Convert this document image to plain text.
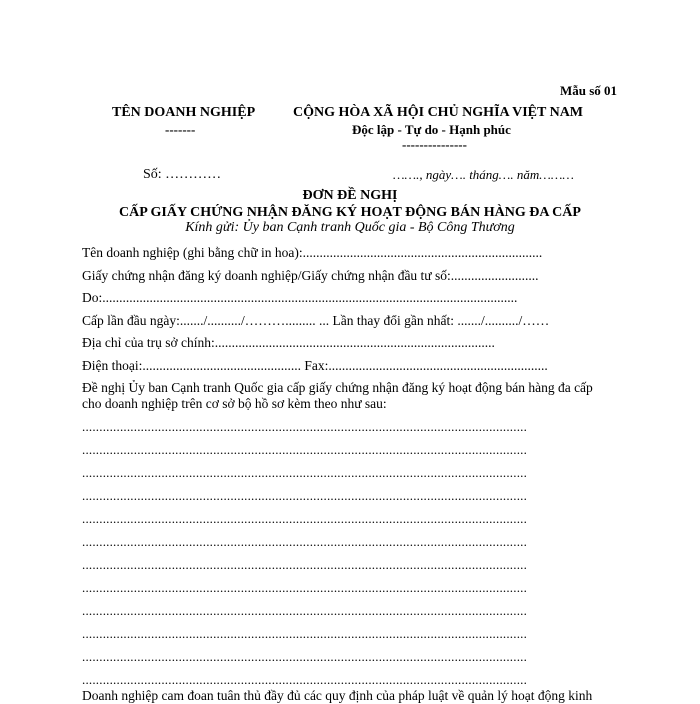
Mẫu số 01
TÊN DOANH NGHIỆP
-------
CỘNG HÒA XÃ HỘI CHỦ NGHĨA VIỆT NAM
Độc lập - Tự do - Hạnh phúc
---------------
Số: …………	……., ngày…. tháng…. năm………
ĐƠN ĐỀ NGHỊ
CẤP GIẤY CHỨNG NHẬN ĐĂNG KÝ HOẠT ĐỘNG BÁN HÀNG ĐA CẤP
Kính gửi: Ủy ban Cạnh tranh Quốc gia - Bộ Công Thương
Tên doanh nghiệp (ghi bằng chữ in hoa):.......................................................................
Giấy chứng nhận đăng ký doanh nghiệp/Giấy chứng nhận đầu tư số:..........................
Do:...........................................................................................................................
Cấp lần đầu ngày:......./........../………......... ... Lần thay đổi gần nhất: ......./........../……
Địa chỉ của trụ sở chính:...................................................................................
Điện thoại:............................................... Fax:.................................................................
Đề nghị Ủy ban Cạnh tranh Quốc gia cấp giấy chứng nhận đăng ký hoạt động bán hàng đa cấp
cho doanh nghiệp trên cơ sở bộ hồ sơ kèm theo như sau:
.................................................................................................................................
.................................................................................................................................
.................................................................................................................................
.................................................................................................................................
.................................................................................................................................
.................................................................................................................................
.................................................................................................................................
.................................................................................................................................
.................................................................................................................................
.................................................................................................................................
.................................................................................................................................
.................................................................................................................................
Doanh nghiệp cam đoan tuân thủ đầy đủ các quy định của pháp luật về quản lý hoạt động kinh
